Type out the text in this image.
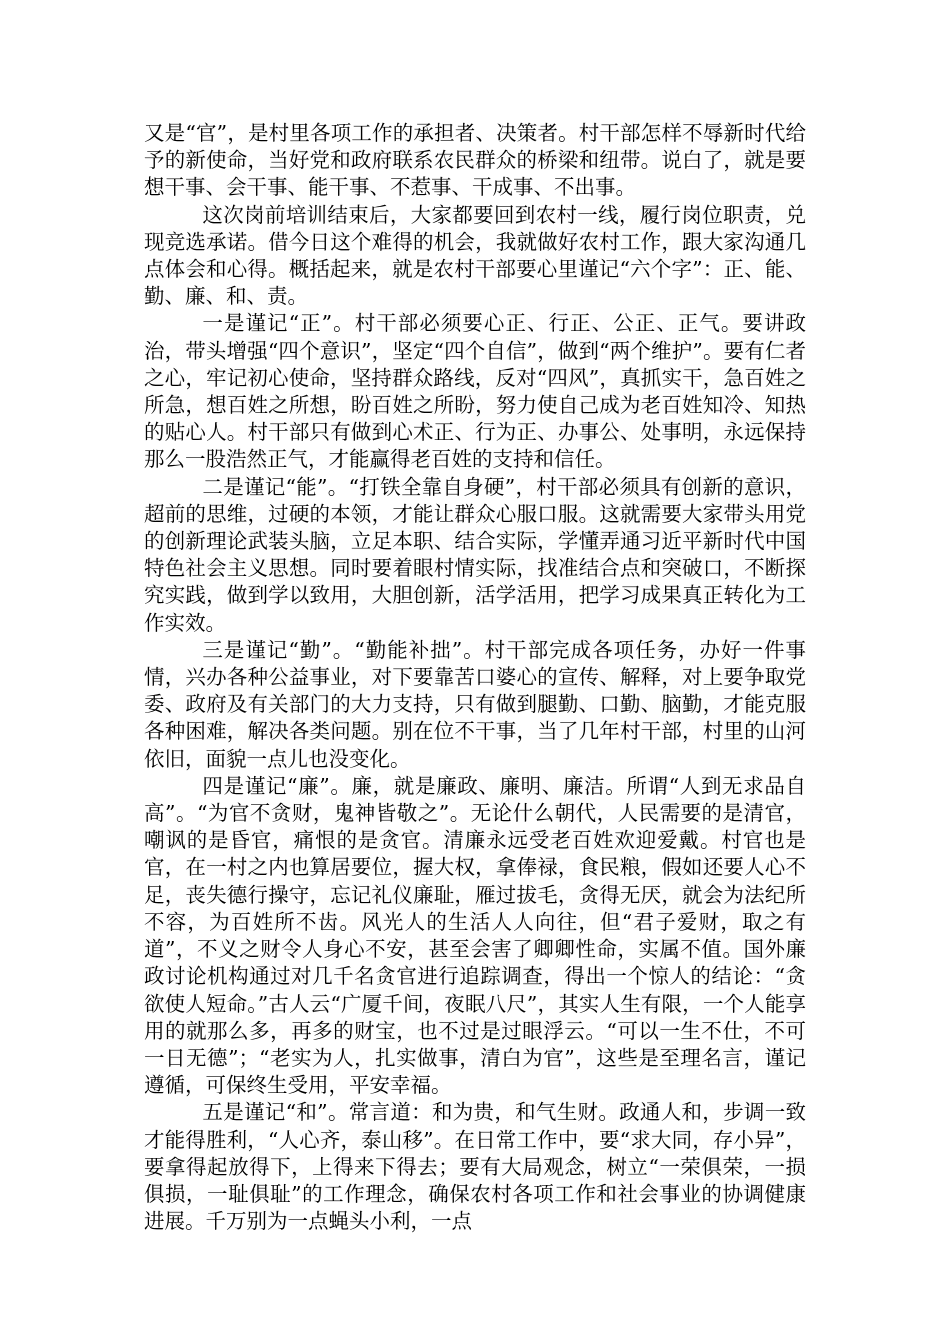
又是“官”，是村里各项工作的承担者、决策者。村干部怎样不辱新时代给予的新使命，当好党和政府联系农民群众的桥梁和纽带。说白了，就是要想干事、会干事、能干事、不惹事、干成事、不出事。

这次岗前培训结束后，大家都要回到农村一线，履行岗位职责，兑现竞选承诺。借今日这个难得的机会，我就做好农村工作，跟大家沟通几点体会和心得。概括起来，就是农村干部要心里谨记“六个字”：正、能、勤、廉、和、责。

一是谨记“正”。村干部必须要心正、行正、公正、正气。要讲政治，带头增强“四个意识”，坚定“四个自信”，做到“两个维护”。要有仁者之心，牢记初心使命，坚持群众路线，反对“四风”，真抓实干，急百姓之所急，想百姓之所想，盼百姓之所盼，努力使自己成为老百姓知冷、知热的贴心人。村干部只有做到心术正、行为正、办事公、处事明，永远保持那么一股浩然正气，才能赢得老百姓的支持和信任。

二是谨记“能”。“打铁全靠自身硬”，村干部必须具有创新的意识，超前的思维，过硬的本领，才能让群众心服口服。这就需要大家带头用党的创新理论武装头脑，立足本职、结合实际，学懂弄通习近平新时代中国特色社会主义思想。同时要着眼村情实际，找准结合点和突破口，不断探究实践，做到学以致用，大胆创新，活学活用，把学习成果真正转化为工作实效。

三是谨记“勤”。“勤能补拙”。村干部完成各项任务，办好一件事情，兴办各种公益事业，对下要靠苦口婆心的宣传、解释，对上要争取党委、政府及有关部门的大力支持，只有做到腿勤、口勤、脑勤，才能克服各种困难，解决各类问题。别在位不干事，当了几年村干部，村里的山河依旧，面貌一点儿也没变化。

四是谨记“廉”。廉，就是廉政、廉明、廉洁。所谓“人到无求品自高”。“为官不贪财，鬼神皆敬之”。无论什么朝代，人民需要的是清官，嘲讽的是昏官，痛恨的是贪官。清廉永远受老百姓欢迎爱戴。村官也是官，在一村之内也算居要位，握大权，拿俸禄，食民粮，假如还要人心不足，丧失德行操守，忘记礼仪廉耻，雁过拔毛，贪得无厌，就会为法纪所不容，为百姓所不齿。风光人的生活人人向往，但“君子爱财，取之有道”，不义之财令人身心不安，甚至会害了卿卿性命，实属不值。国外廉政讨论机构通过对几千名贪官进行追踪调查，得出一个惊人的结论：“贪欲使人短命。”古人云“广厦千间，夜眠八尺”，其实人生有限，一个人能享用的就那么多，再多的财宝，也不过是过眼浮云。“可以一生不仕，不可一日无德”；“老实为人，扎实做事，清白为官”，这些是至理名言，谨记遵循，可保终生受用，平安幸福。

五是谨记“和”。常言道：和为贵，和气生财。政通人和，步调一致才能得胜利，“人心齐，泰山移”。在日常工作中，要“求大同，存小异”，要拿得起放得下，上得来下得去；要有大局观念，树立“一荣俱荣，一损俱损，一耻俱耻”的工作理念，确保农村各项工作和社会事业的协调健康进展。千万别为一点蝇头小利，一点
